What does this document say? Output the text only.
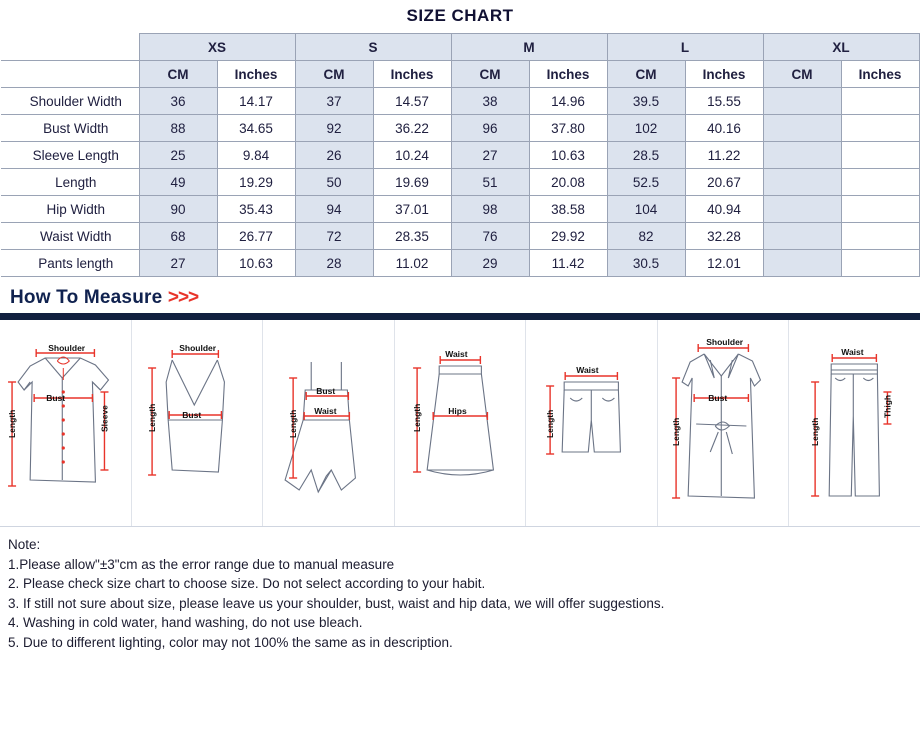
SIZE CHART
	XS		S		M		L		XL	
	CM	Inches	CM	Inches	CM	Inches	CM	Inches	CM	Inches
Shoulder Width	36	14.17	37	14.57	38	14.96	39.5	15.55		
Bust Width	88	34.65	92	36.22	96	37.80	102	40.16		
Sleeve Length	25	9.84	26	10.24	27	10.63	28.5	11.22		
Length	49	19.29	50	19.69	51	20.08	52.5	20.67		
Hip Width	90	35.43	94	37.01	98	38.58	104	40.94		
Waist Width	68	26.77	72	28.35	76	29.92	82	32.28		
Pants length	27	10.63	28	11.02	29	11.42	30.5	12.01		
How To Measure >>>
Shoulder
Bust
Length	Sleeve
Shoulder
Bust
Length
Bust
Waist
Length
Waist
Hips
Length
Waist
Length
Shoulder
Bust
Length
Waist
Length
Thigh
Note:
1.Please allow"±3"cm as the error range due to manual measure
2. Please check size chart to choose size. Do not select according to your habit.
3. If still not sure about size, please leave us your shoulder, bust, waist and hip data, we will offer suggestions.
4. Washing in cold water, hand washing, do not use bleach.
5. Due to different lighting, color may not 100% the same as in description.
